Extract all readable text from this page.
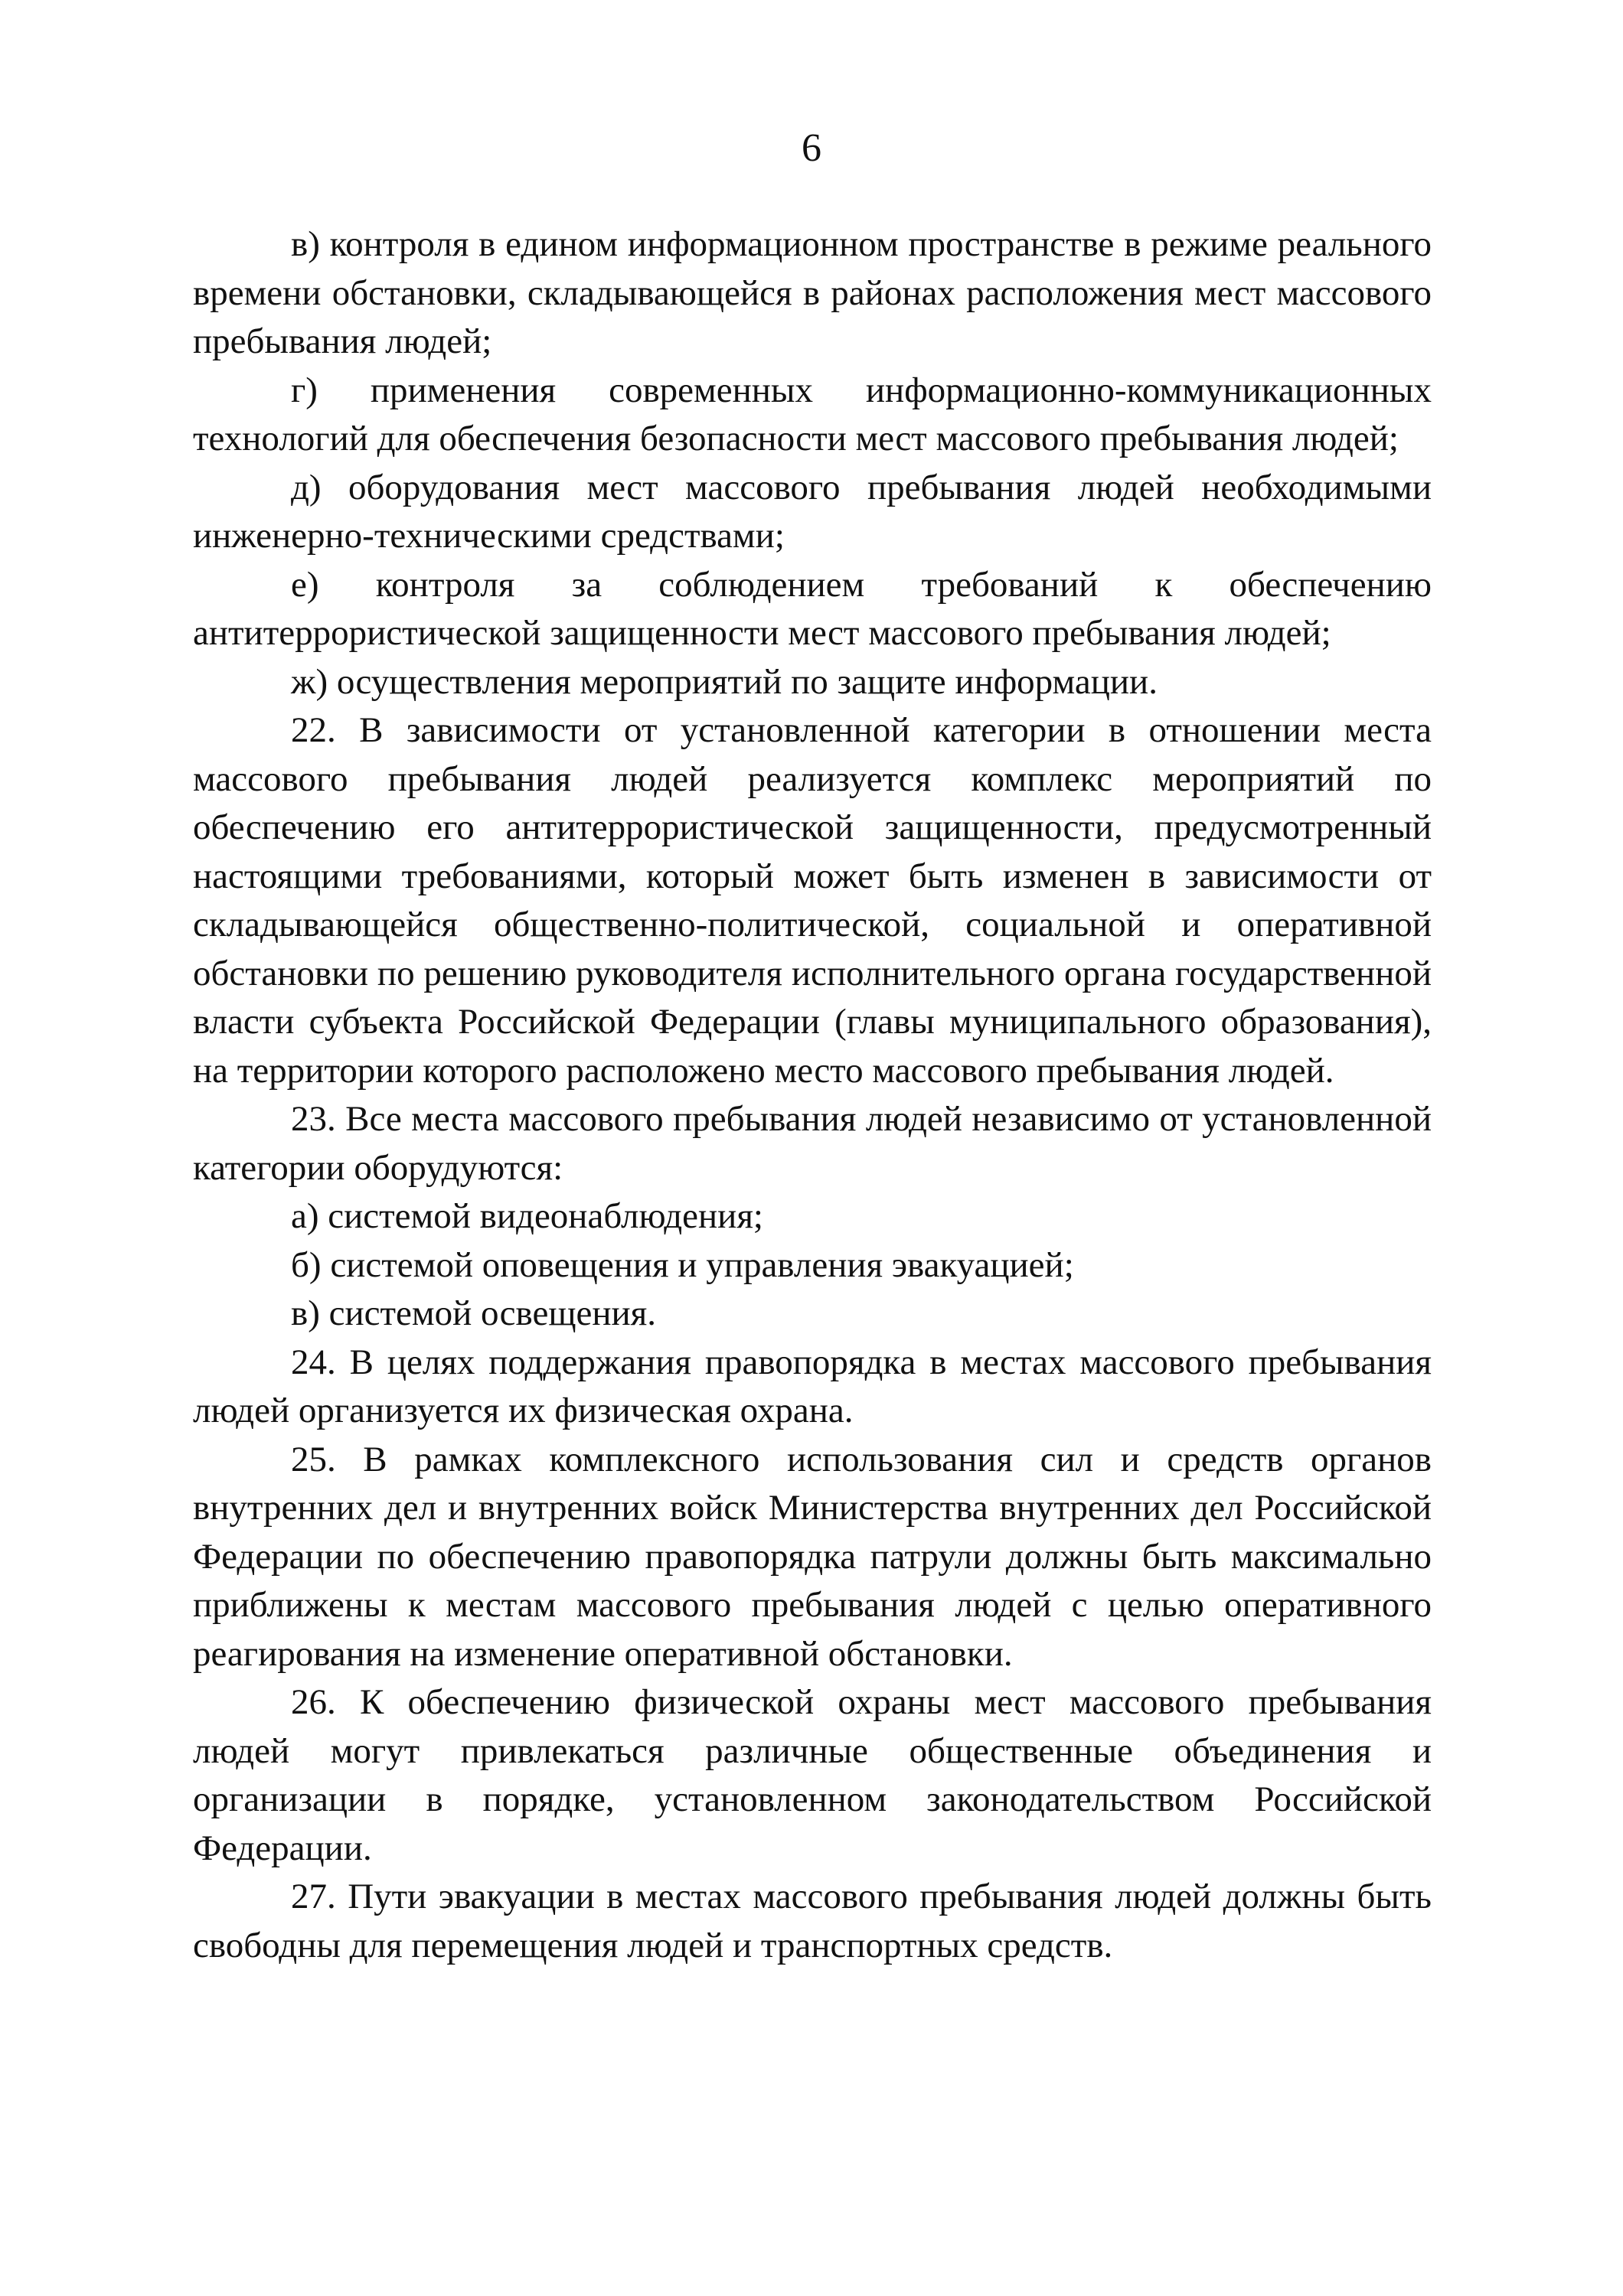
6

в) контроля в едином информационном пространстве в режиме реального времени обстановки, складывающейся в районах расположения мест массового пребывания людей;

г) применения современных информационно-коммуникационных технологий для обеспечения безопасности мест массового пребывания людей;

д) оборудования мест массового пребывания людей необходимыми инженерно-техническими средствами;

е) контроля за соблюдением требований к обеспечению антитеррористической защищенности мест массового пребывания людей;

ж) осуществления мероприятий по защите информации.

22. В зависимости от установленной категории в отношении места массового пребывания людей реализуется комплекс мероприятий по обеспечению его антитеррористической защищенности, предусмотренный настоящими требованиями, который может быть изменен в зависимости от складывающейся общественно-политической, социальной и оперативной обстановки по решению руководителя исполнительного органа государственной власти субъекта Российской Федерации (главы муниципального образования), на территории которого расположено место массового пребывания людей.

23. Все места массового пребывания людей независимо от установленной категории оборудуются:

а) системой видеонаблюдения;

б) системой оповещения и управления эвакуацией;

в) системой освещения.

24. В целях поддержания правопорядка в местах массового пребывания людей организуется их физическая охрана.

25. В рамках комплексного использования сил и средств органов внутренних дел и внутренних войск Министерства внутренних дел Российской Федерации по обеспечению правопорядка патрули должны быть максимально приближены к местам массового пребывания людей с целью оперативного реагирования на изменение оперативной обстановки.

26. К обеспечению физической охраны мест массового пребывания людей могут привлекаться различные общественные объединения и организации в порядке, установленном законодательством Российской Федерации.

27. Пути эвакуации в местах массового пребывания людей должны быть свободны для перемещения людей и транспортных средств.
